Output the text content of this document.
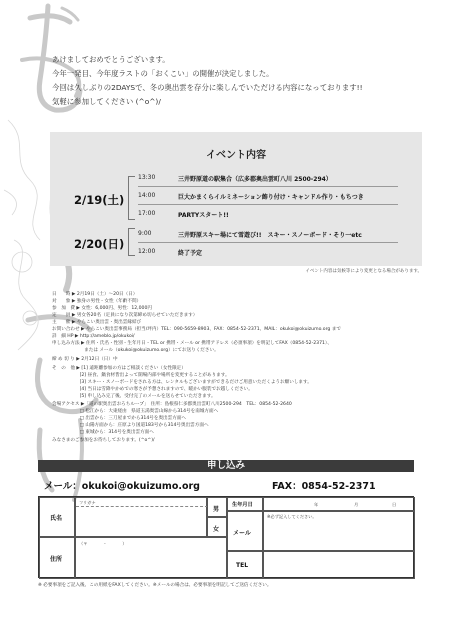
あけましておめでとうございます。
今年一発目、今年度ラストの「おくこい」の開催が決定しました。
今回は久しぶりの2DAYSで、冬の奥出雲を存分に楽しんでいただける内容になっております!!
気軽に参加してください (^o^)/
イベント内容
2/19(土)
13:30	三井野原道の駅集合（広多郡奥出雲町八川 2500-294）
14:00	巨大かまくらイルミネーション飾り付け・キャンドル作り・もちつき
17:00	PARTYスタート!!
2/20(日)
9:00	三井野原スキー場にて雪遊び!!　スキー・スノーボード・そり一etc
12:00	終了予定
イベント内容は気候等により変更となる場合があります。
日　　時 ▶ 2月19日（土）～20日（日）
対　　象 ▶ 独身の男性・女性（年齢不問）
参　加　費 ▶ 女性：6,000円、男性：12,000円
定　　員 ▶ 男女各20名（定員になり次第締め切らせていただきます）
主　　催 ▶ やらこい奥出雲・奥出雲縁結び
お問い合わせ ▶ やらこい奥出雲事務局（担当/坪内）TEL：090-5659-8903、FAX：0854-52-2371、MAIL：okukoi@okuizumo.org まで
詳　細 HP ▶ http://ameblo.jp/okukoi/
申し込み方法 ▶ 住所・氏名・性別・生年月日・TEL or 携帯・メール or 携帯アドレス（必須事項）を明記してFAX（0854-52-2371）、
　　　　　　　または メール（okukoi@okuizumo.org）にてお送りください。
締 め 切 り ▶ 2月12日（日）中
そ　の　他 ▶ [1] 遠距離参加の方はご相談ください（女性限定）
　　　　　　[2] 昼食、鍋食材皆出よって開場内部や場所を変更することがあります。
　　　　　　[3] スキー・スノーボードをされる方は、レンタルもございますができるだけご用意いただくようお願いします。
　　　　　　[4] 当日は雪降やかめでの寒さが予想されますので、暖かい服装でお越しください。
　　　　　　[5] 申し込み完了後、受付完了のメールを送らせていただきます。
会場アクセス ▶「道の駅奥出雲おろちループ」　住所：島根県仁多郡奥出雲町八川2500-294　TEL：0854-52-2640
　　　　　　□ 松江から：大東経由　県道玉湯奥雲山線から314号を南城方面へ
　　　　　　□ 出雲から：三刀屋までから314号を奥出雲方面へ
　　　　　　□ 山陽方面から：庄原より国道183号から314号奥出雲方面へ
　　　　　　□ 東城から：314号を奥出雲方面へ
みなさまのご参加をお待ちしております。(^o^)/
申し込み
メール：okukoi@okuizumo.org	FAX：0854-52-2371
氏名
フリガナ
男
女
生年月日	年	月	日
メール
※必ず記入してください。
住所
（〒　　　　-　　　　）
TEL
※ 必要事項をご記入後、この用紙をFAXしてください。※メールの場合は、必要事項を明記してご送信ください。
